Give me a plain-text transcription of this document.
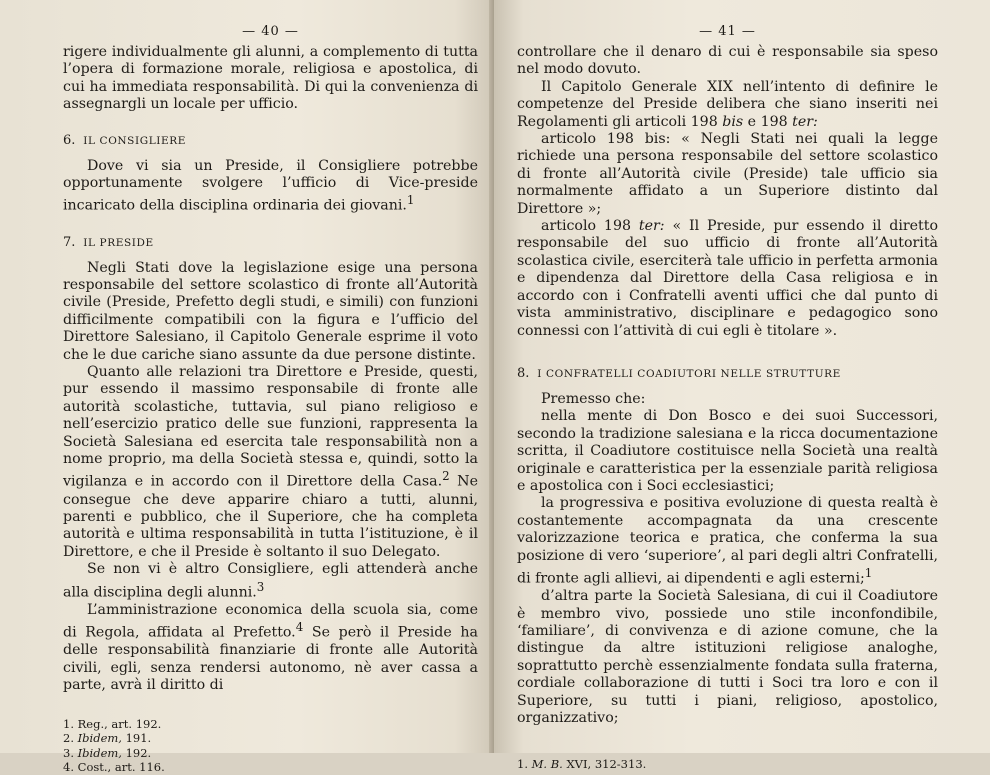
— 40 —

rigere individualmente gli alunni, a complemento di tutta l’opera di formazione morale, religiosa e apostolica, di cui ha immediata responsabilità. Di qui la convenienza di assegnargli un locale per ufficio.

6. IL CONSIGLIERE

Dove vi sia un Preside, il Consigliere potrebbe opportunamente svolgere l’ufficio di Vice-preside incaricato della disciplina ordinaria dei giovani.$^1$

7. IL PRESIDE

Negli Stati dove la legislazione esige una persona responsabile del settore scolastico di fronte all’Autorità civile (Preside, Prefetto degli studi, e simili) con funzioni difficilmente compatibili con la figura e l’ufficio del Direttore Salesiano, il Capitolo Generale esprime il voto che le due cariche siano assunte da due persone distinte.

Quanto alle relazioni tra Direttore e Preside, questi, pur essendo il massimo responsabile di fronte alle autorità scolastiche, tuttavia, sul piano religioso e nell’esercizio pratico delle sue funzioni, rappresenta la Società Salesiana ed esercita tale responsabilità non a nome proprio, ma della Società stessa e, quindi, sotto la vigilanza e in accordo con il Direttore della Casa.$^2$ Ne consegue che deve apparire chiaro a tutti, alunni, parenti e pubblico, che il Superiore, che ha completa autorità e ultima responsabilità in tutta l’istituzione, è il Direttore, e che il Preside è soltanto il suo Delegato.

Se non vi è altro Consigliere, egli attenderà anche alla disciplina degli alunni.$^3$

L’amministrazione economica della scuola sia, come di Regola, affidata al Prefetto.$^4$ Se però il Preside ha delle responsabilità finanziarie di fronte alle Autorità civili, egli, senza rendersi autonomo, nè aver cassa a parte, avrà il diritto di

1. Reg., art. 192.
2. Ibidem, 191.
3. Ibidem, 192.
4. Cost., art. 116.
— 41 —

controllare che il denaro di cui è responsabile sia speso nel modo dovuto.

Il Capitolo Generale XIX nell’intento di definire le competenze del Preside delibera che siano inseriti nei Regolamenti gli articoli 198 bis e 198 ter:

articolo 198 bis: « Negli Stati nei quali la legge richiede una persona responsabile del settore scolastico di fronte all’Autorità civile (Preside) tale ufficio sia normalmente affidato a un Superiore distinto dal Direttore »;

articolo 198 ter: « Il Preside, pur essendo il diretto responsabile del suo ufficio di fronte all’Autorità scolastica civile, eserciterà tale ufficio in perfetta armonia e dipendenza dal Direttore della Casa religiosa e in accordo con i Confratelli aventi uffici che dal punto di vista amministrativo, disciplinare e pedagogico sono connessi con l’attività di cui egli è titolare ».

8. I CONFRATELLI COADIUTORI NELLE STRUTTURE

Premesso che:

nella mente di Don Bosco e dei suoi Successori, secondo la tradizione salesiana e la ricca documentazione scritta, il Coadiutore costituisce nella Società una realtà originale e caratteristica per la essenziale parità religiosa e apostolica con i Soci ecclesiastici;

la progressiva e positiva evoluzione di questa realtà è costantemente accompagnata da una crescente valorizzazione teorica e pratica, che conferma la sua posizione di vero ‘superiore’, al pari degli altri Confratelli, di fronte agli allievi, ai dipendenti e agli esterni;$^1$

d’altra parte la Società Salesiana, di cui il Coadiutore è membro vivo, possiede uno stile inconfondibile, ‘familiare’, di convivenza e di azione comune, che la distingue da altre istituzioni religiose analoghe, soprattutto perchè essenzialmente fondata sulla fraterna, cordiale collaborazione di tutti i Soci tra loro e con il Superiore, su tutti i piani, religioso, apostolico, organizzativo;

1. M. B. XVI, 312-313.
